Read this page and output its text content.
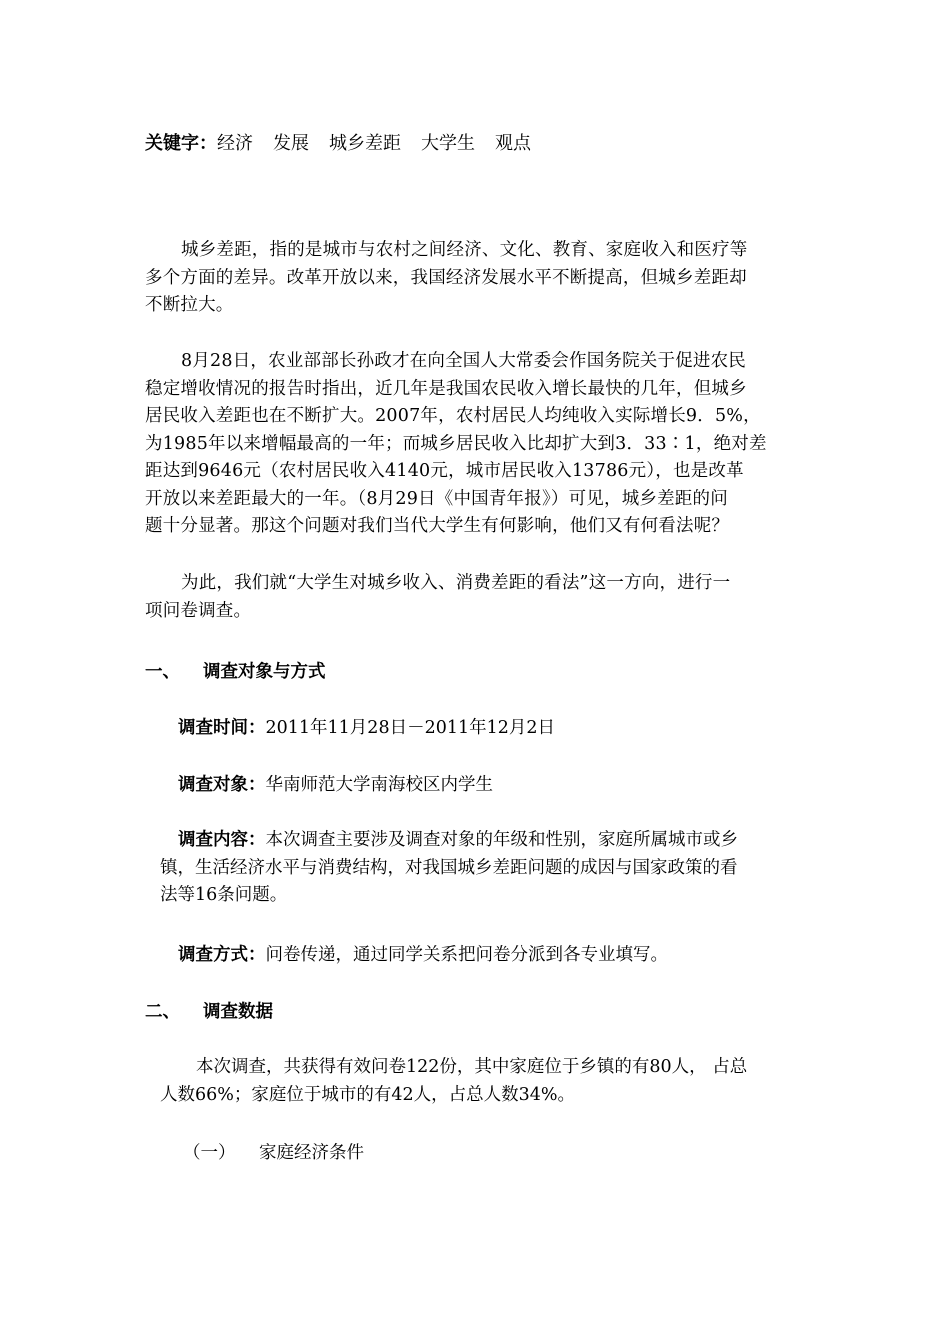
关键字：经济 发展 城乡差距 大学生 观点
城乡差距，指的是城市与农村之间经济、文化、教育、家庭收入和医疗等
多个方面的差异。改革开放以来，我国经济发展水平不断提高，但城乡差距却
不断拉大。
8月28日，农业部部长孙政才在向全国人大常委会作国务院关于促进农民
稳定增收情况的报告时指出，近几年是我国农民收入增长最快的几年，但城乡
居民收入差距也在不断扩大。2007年，农村居民人均纯收入实际增长9．5%，
为1985年以来增幅最高的一年；而城乡居民收入比却扩大到3．33∶1，绝对差
距达到9646元（农村居民收入4140元，城市居民收入13786元），也是改革
开放以来差距最大的一年。（8月29日《中国青年报》）可见，城乡差距的问
题十分显著。那这个问题对我们当代大学生有何影响，他们又有何看法呢？
为此，我们就“大学生对城乡收入、消费差距的看法”这一方向，进行一
项问卷调查。
一、 调查对象与方式
调查时间：2011年11月28日－2011年12月2日
调查对象：华南师范大学南海校区内学生
调查内容：本次调查主要涉及调查对象的年级和性别，家庭所属城市或乡
镇，生活经济水平与消费结构，对我国城乡差距问题的成因与国家政策的看
法等16条问题。
调查方式：问卷传递，通过同学关系把问卷分派到各专业填写。
二、 调查数据
本次调查，共获得有效问卷122份，其中家庭位于乡镇的有80人， 占总
人数66%；家庭位于城市的有42人，占总人数34%。
（一） 家庭经济条件
